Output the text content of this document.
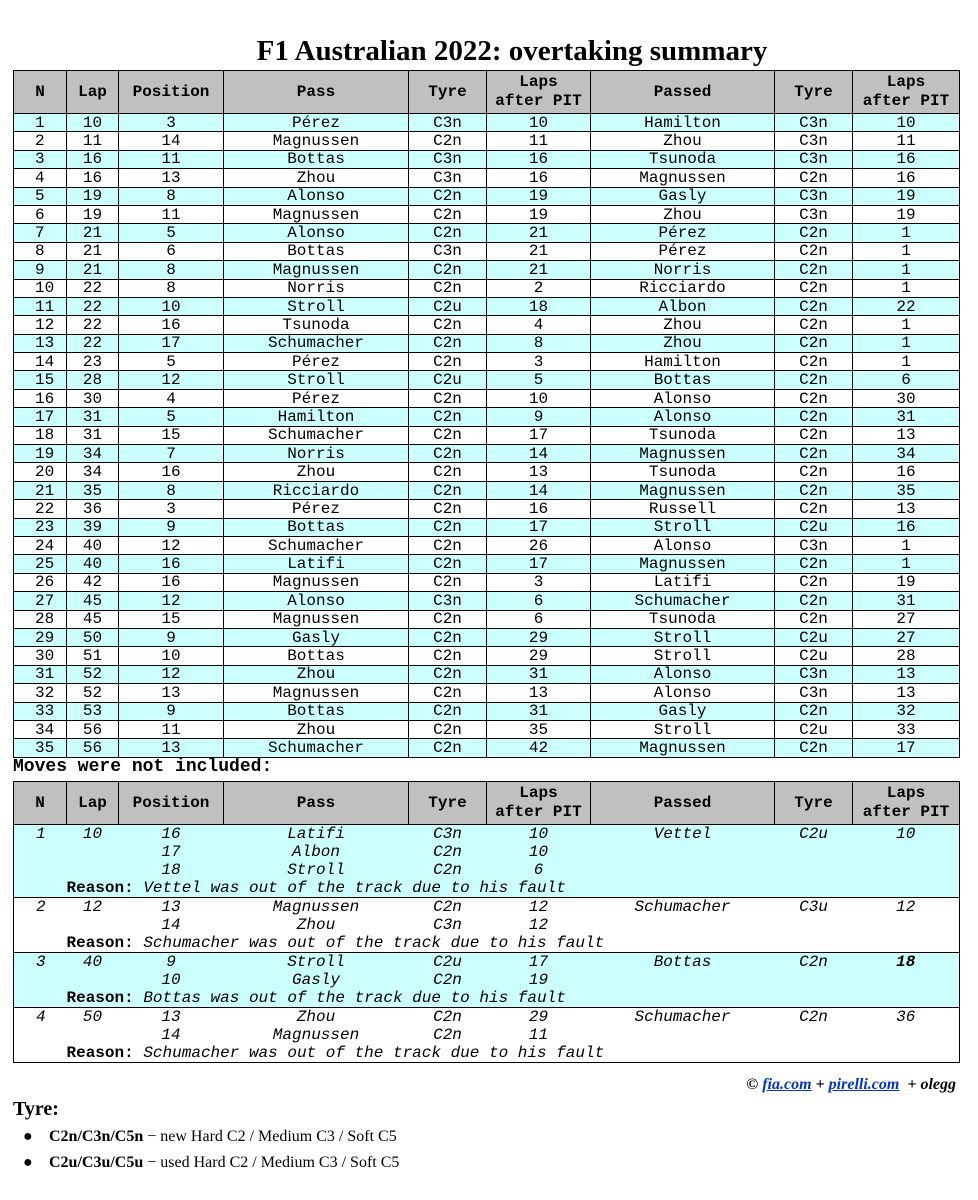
F1 Australian 2022: overtaking summary
N	Lap	Position	Pass	Tyre	Laps
after PIT	Passed	Tyre	Laps
after PIT
1	10	3	Pérez	C3n	10	Hamilton	C3n	10
2	11	14	Magnussen	C2n	11	Zhou	C3n	11
3	16	11	Bottas	C3n	16	Tsunoda	C3n	16
4	16	13	Zhou	C3n	16	Magnussen	C2n	16
5	19	8	Alonso	C2n	19	Gasly	C3n	19
6	19	11	Magnussen	C2n	19	Zhou	C3n	19
7	21	5	Alonso	C2n	21	Pérez	C2n	1
8	21	6	Bottas	C3n	21	Pérez	C2n	1
9	21	8	Magnussen	C2n	21	Norris	C2n	1
10	22	8	Norris	C2n	2	Ricciardo	C2n	1
11	22	10	Stroll	C2u	18	Albon	C2n	22
12	22	16	Tsunoda	C2n	4	Zhou	C2n	1
13	22	17	Schumacher	C2n	8	Zhou	C2n	1
14	23	5	Pérez	C2n	3	Hamilton	C2n	1
15	28	12	Stroll	C2u	5	Bottas	C2n	6
16	30	4	Pérez	C2n	10	Alonso	C2n	30
17	31	5	Hamilton	C2n	9	Alonso	C2n	31
18	31	15	Schumacher	C2n	17	Tsunoda	C2n	13
19	34	7	Norris	C2n	14	Magnussen	C2n	34
20	34	16	Zhou	C2n	13	Tsunoda	C2n	16
21	35	8	Ricciardo	C2n	14	Magnussen	C2n	35
22	36	3	Pérez	C2n	16	Russell	C2n	13
23	39	9	Bottas	C2n	17	Stroll	C2u	16
24	40	12	Schumacher	C2n	26	Alonso	C3n	1
25	40	16	Latifi	C2n	17	Magnussen	C2n	1
26	42	16	Magnussen	C2n	3	Latifi	C2n	19
27	45	12	Alonso	C3n	6	Schumacher	C2n	31
28	45	15	Magnussen	C2n	6	Tsunoda	C2n	27
29	50	9	Gasly	C2n	29	Stroll	C2u	27
30	51	10	Bottas	C2n	29	Stroll	C2u	28
31	52	12	Zhou	C2n	31	Alonso	C3n	13
32	52	13	Magnussen	C2n	13	Alonso	C3n	13
33	53	9	Bottas	C2n	31	Gasly	C2n	32
34	56	11	Zhou	C2n	35	Stroll	C2u	33
35	56	13	Schumacher	C2n	42	Magnussen	C2n	17
Moves were not included:
N	Lap	Position	Pass	Tyre	Laps
after PIT	Passed	Tyre	Laps
after PIT
1	10	16	Latifi	C3n	10	Vettel	C2u	10
		17	Albon	C2n	10			
		18	Stroll	C2n	6			
	Reason: Vettel was out of the track due to his fault							
2	12	13	Magnussen	C2n	12	Schumacher	C3u	12
		14	Zhou	C3n	12			
	Reason: Schumacher was out of the track due to his fault							
3	40	9	Stroll	C2u	17	Bottas	C2n	18
		10	Gasly	C2n	19			
	Reason: Bottas was out of the track due to his fault							
4	50	13	Zhou	C2n	29	Schumacher	C2n	36
		14	Magnussen	C2n	11			
	Reason: Schumacher was out of the track due to his fault							
© fia.com + pirelli.com + olegg
Tyre:
● C2n/C3n/C5n − new Hard C2 / Medium C3 / Soft C5
● C2u/C3u/C5u − used Hard C2 / Medium C3 / Soft C5
